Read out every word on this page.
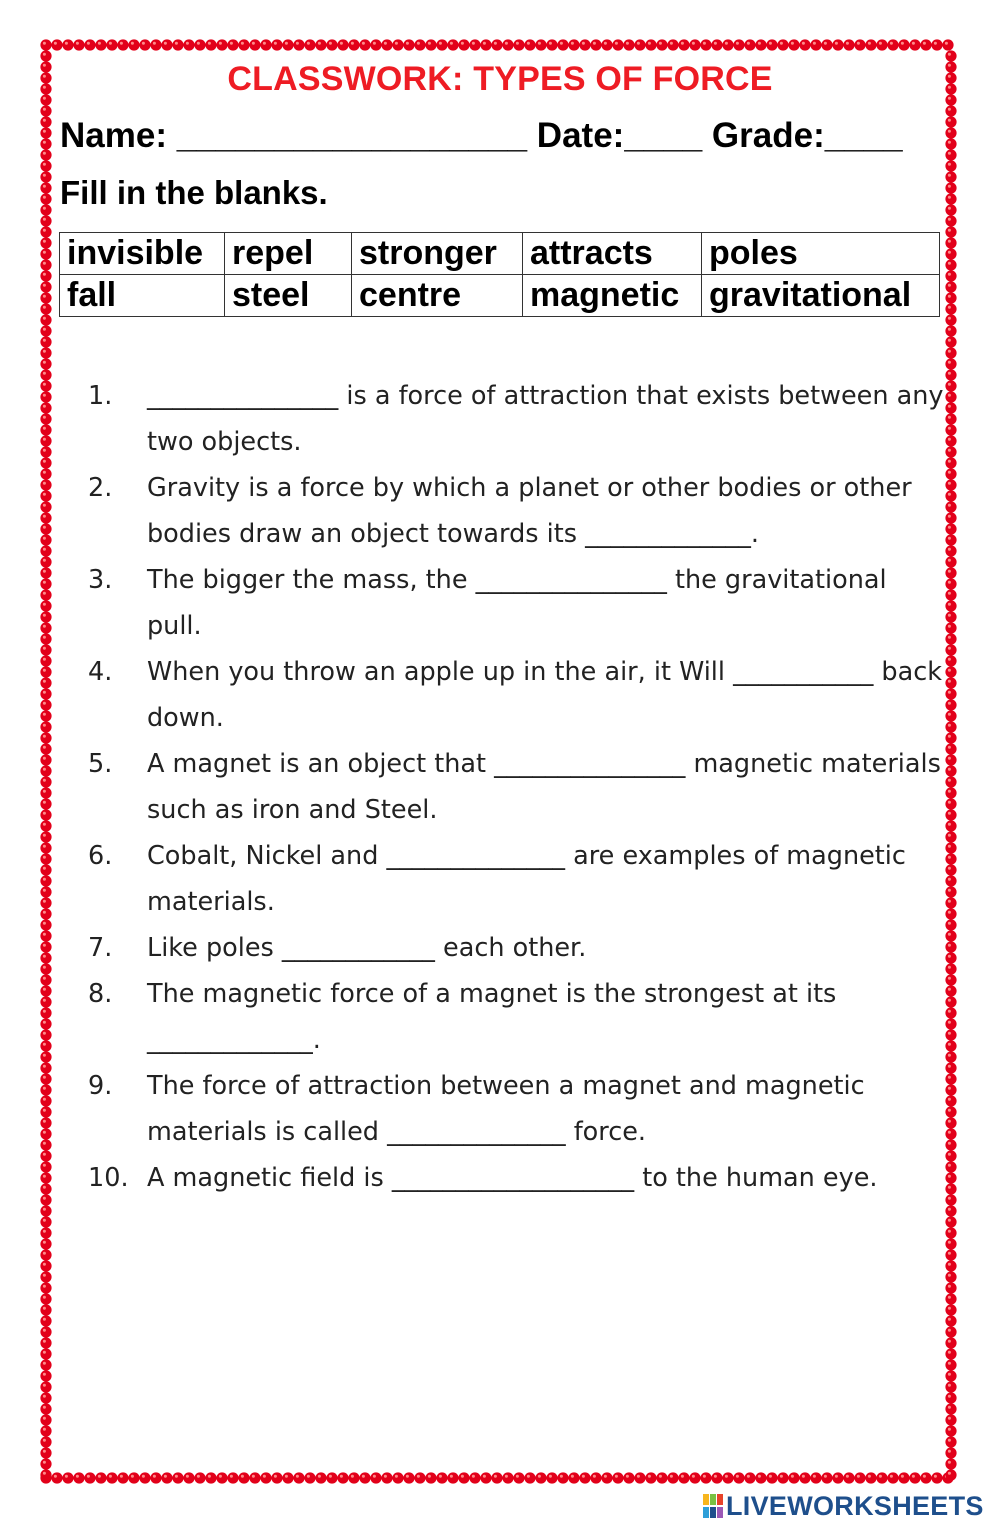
CLASSWORK: TYPES OF FORCE
Name: __________________ Date:____ Grade:____
Fill in the blanks.
invisible	repel	stronger	attracts	poles
fall	steel	centre	magnetic	gravitational
1. _______________ is a force of attraction that exists between any two objects.
2. Gravity is a force by which a planet or other bodies or other bodies draw an object towards its _____________.
3. The bigger the mass, the _______________ the gravitational pull.
4. When you throw an apple up in the air, it Will ___________ back down.
5. A magnet is an object that _______________ magnetic materials such as iron and Steel.
6. Cobalt, Nickel and ______________ are examples of magnetic materials.
7. Like poles ____________ each other.
8. The magnetic force of a magnet is the strongest at its _____________.
9. The force of attraction between a magnet and magnetic materials is called ______________ force.
10. A magnetic field is ___________________ to the human eye.
LIVEWORKSHEETS
